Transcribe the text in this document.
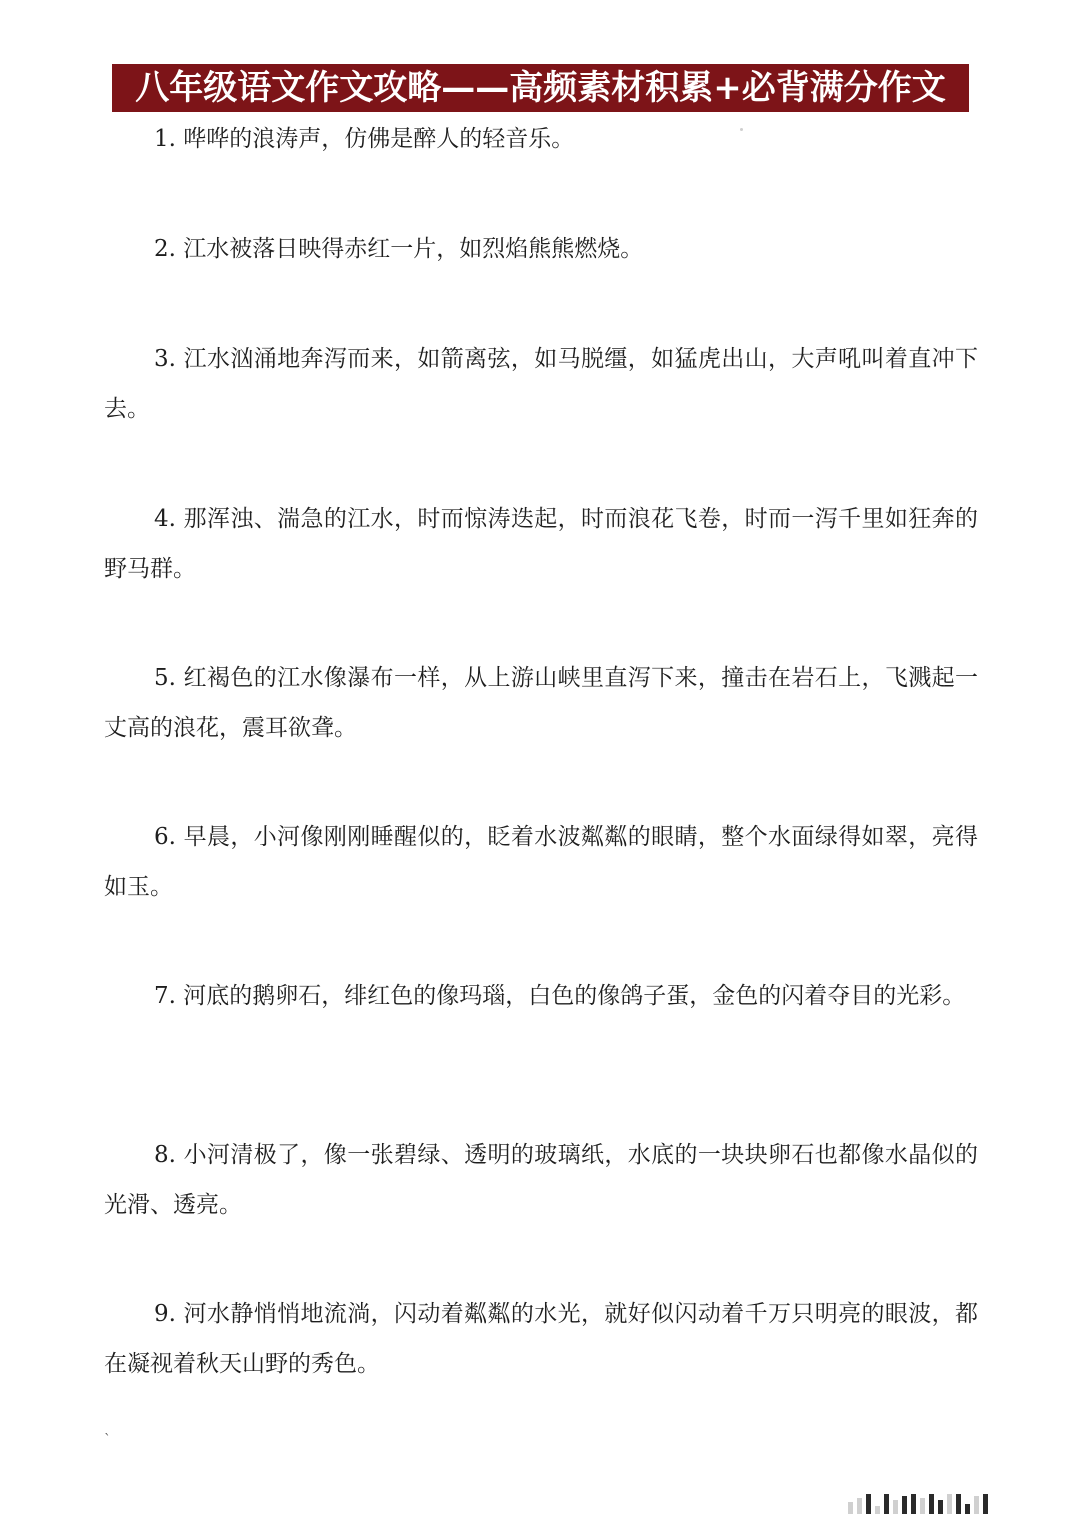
八年级语文作文攻略——高频素材积累+必背满分作文

1. 哗哗的浪涛声，仿佛是醉人的轻音乐。

2. 江水被落日映得赤红一片，如烈焰熊熊燃烧。

3. 江水汹涌地奔泻而来，如箭离弦，如马脱缰，如猛虎出山，大声吼叫着直冲下去。

4. 那浑浊、湍急的江水，时而惊涛迭起，时而浪花飞卷，时而一泻千里如狂奔的野马群。

5. 红褐色的江水像瀑布一样，从上游山峡里直泻下来，撞击在岩石上，飞溅起一丈高的浪花，震耳欲聋。

6. 早晨，小河像刚刚睡醒似的，眨着水波粼粼的眼睛，整个水面绿得如翠，亮得如玉。

7. 河底的鹅卵石，绯红色的像玛瑙，白色的像鸽子蛋，金色的闪着夺目的光彩。

8. 小河清极了，像一张碧绿、透明的玻璃纸，水底的一块块卵石也都像水晶似的光滑、透亮。

9. 河水静悄悄地流淌，闪动着粼粼的水光，就好似闪动着千万只明亮的眼波，都在凝视着秋天山野的秀色。

`
